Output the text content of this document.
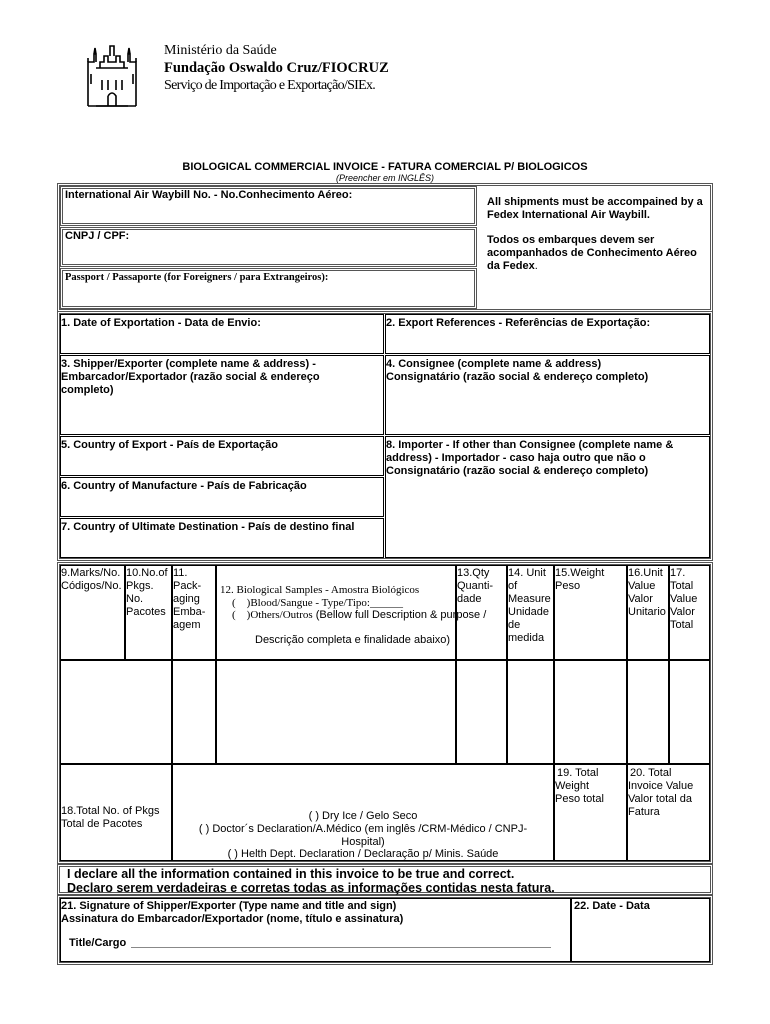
Ministério da Saúde
Fundação Oswaldo Cruz/FIOCRUZ
Serviço de Importação e Exportação/SIEx.
BIOLOGICAL COMMERCIAL INVOICE - FATURA COMERCIAL P/ BIOLOGICOS
(Preencher em INGLÊS)
International Air Waybill No. - No.Conhecimento Aéreo:
CNPJ / CPF:
Passport / Passaporte (for Foreigners / para Extrangeiros):
All shipments must be accompained by a Fedex International Air Waybill.
Todos os embarques devem ser acompanhados de Conhecimento Aéreo da Fedex.
1. Date of Exportation - Data de Envio:	2. Export References - Referências de Exportação:
3. Shipper/Exporter (complete name & address) - Embarcador/Exportador (razão social & endereço completo)
4. Consignee (complete name & address)
Consignatário (razão social & endereço completo)
5. Country of Export - País de Exportação
6. Country of Manufacture - País de Fabricação
7. Country of Ultimate Destination - País de destino final
8. Importer - If other than Consignee (complete name & address) - Importador - caso haja outro que não o Consignatário (razão social & endereço completo)
9.Marks/No.
Códigos/No.
10.No.of
Pkgs.
No.
Pacotes
11.
Pack-
aging
Emba-
agem
12. Biological Samples - Amostra Biológicos
(    )Blood/Sangue - Type/Tipo:______
(    )Others/Outros (Bellow full Description & purpose /
Descrição completa e finalidade abaixo)
13.Qty
Quanti-
dade
14. Unit
of
Measure
Unidade
de
medida
15.Weight
Peso
16.Unit
Value
Valor
Unitario
17.
Total
Value
Valor
Total
18.Total No. of Pkgs
Total de Pacotes
( ) Dry Ice / Gelo Seco
( ) Doctor´s Declaration/A.Médico (em inglês /CRM-Médico / CNPJ-
Hospital)
( ) Helth Dept. Declaration / Declaração p/ Minis. Saúde
19. Total
Weight
Peso total
20. Total
Invoice Value
Valor total da
Fatura
I declare all the information contained in this invoice to be true and correct.
Declaro serem verdadeiras e corretas todas as informações contidas nesta fatura.
21. Signature of Shipper/Exporter (Type name and title and sign)
Assinatura do Embarcador/Exportador (nome, título e assinatura)
Title/Cargo
22. Date - Data
